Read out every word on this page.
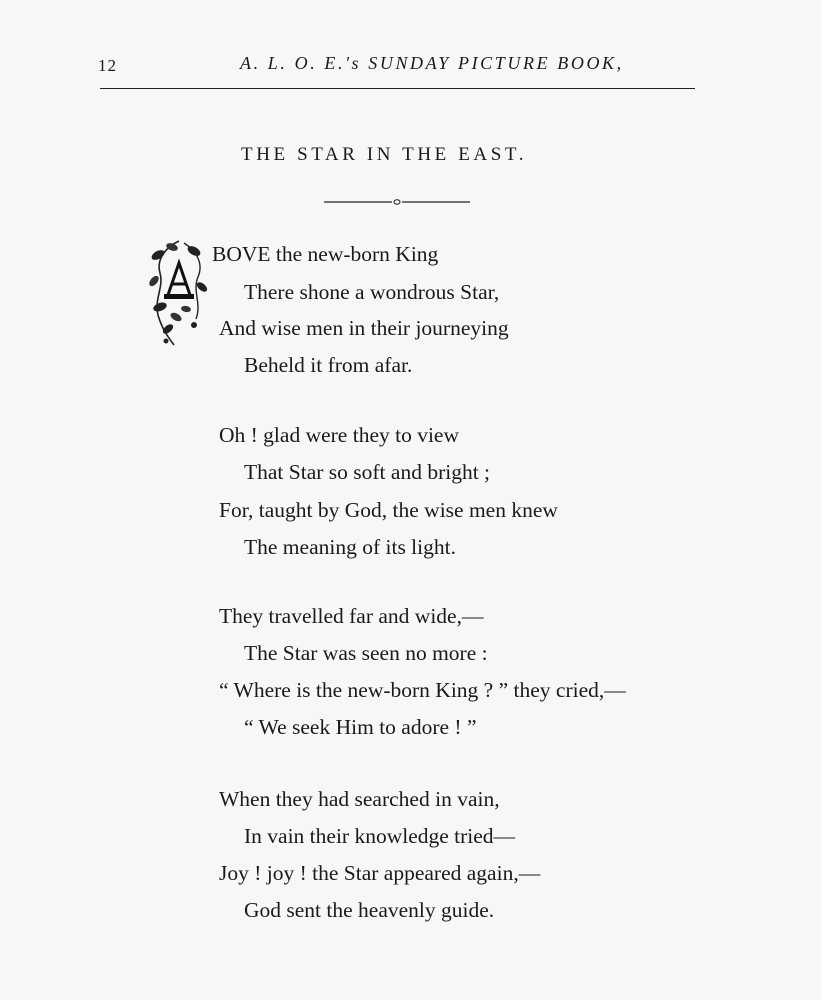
12	A. L. O. E.'s SUNDAY PICTURE BOOK,
THE STAR IN THE EAST.
BOVE the new-born King
There shone a wondrous Star,
And wise men in their journeying
Beheld it from afar.
Oh ! glad were they to view
That Star so soft and bright ;
For, taught by God, the wise men knew
The meaning of its light.
They travelled far and wide,—
The Star was seen no more :
“ Where is the new-born King ? ” they cried,—
“ We seek Him to adore ! ”
When they had searched in vain,
In vain their knowledge tried—
Joy ! joy ! the Star appeared again,—
God sent the heavenly guide.
